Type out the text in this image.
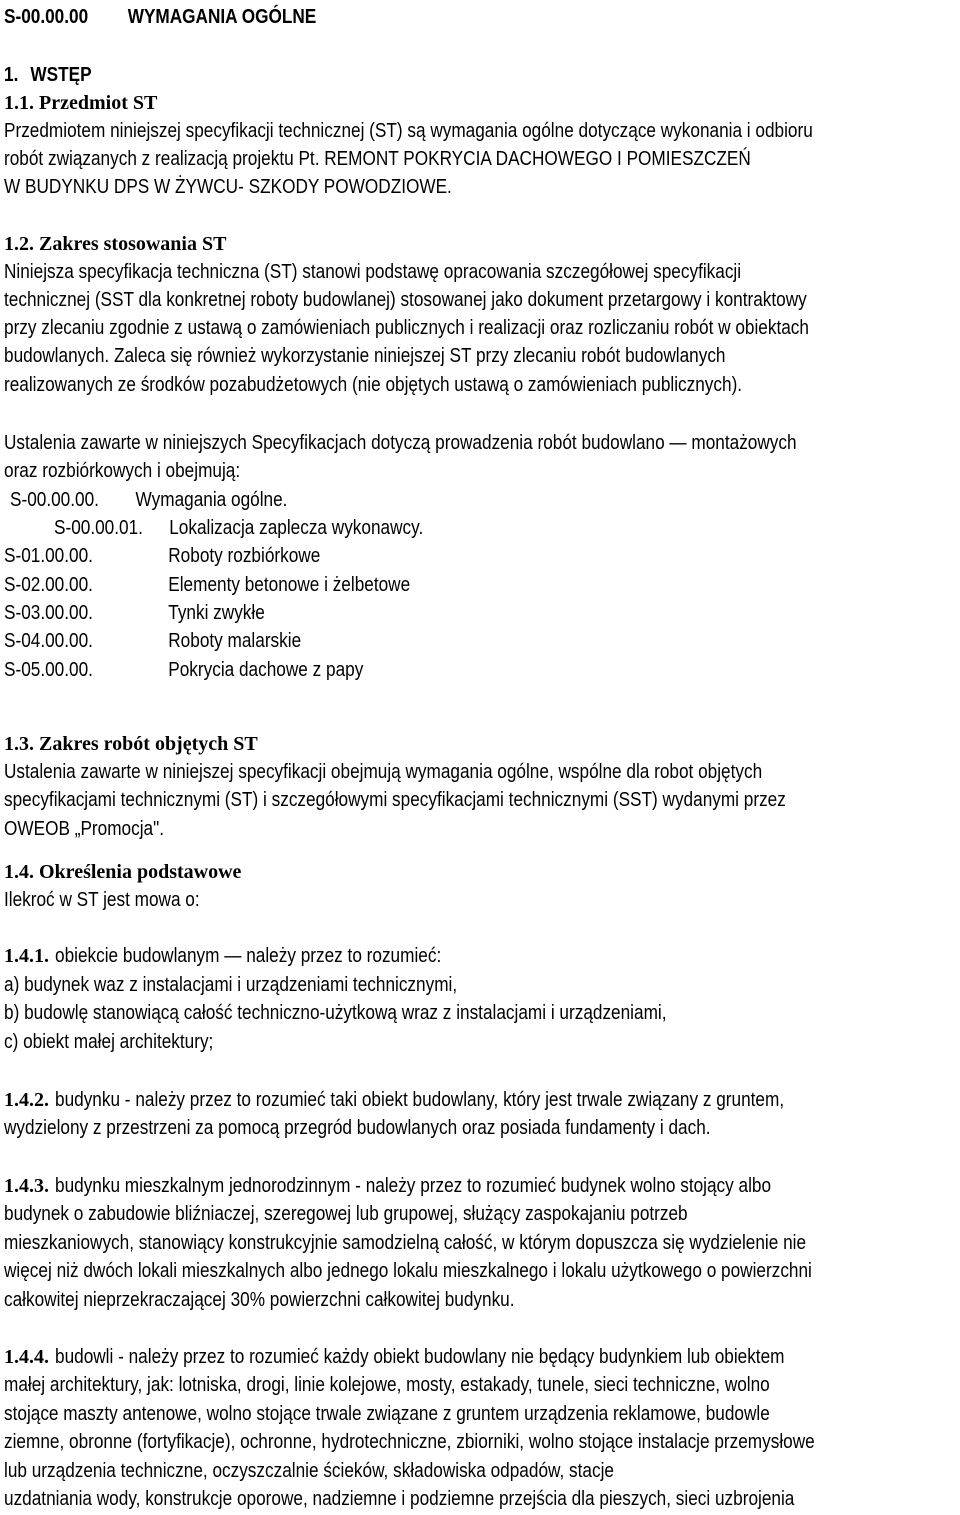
S-00.00.00 WYMAGANIA OGÓLNE
1. WSTĘP
1.1. Przedmiot ST
Przedmiotem niniejszej specyfikacji technicznej (ST) są wymagania ogólne dotyczące wykonania i odbioru
robót związanych z realizacją projektu Pt. REMONT POKRYCIA DACHOWEGO I POMIESZCZEŃ
W BUDYNKU DPS W ŻYWCU- SZKODY POWODZIOWE.
1.2. Zakres stosowania ST
Niniejsza specyfikacja techniczna (ST) stanowi podstawę opracowania szczegółowej specyfikacji
technicznej (SST dla konkretnej roboty budowlanej) stosowanej jako dokument przetargowy i kontraktowy
przy zlecaniu zgodnie z ustawą o zamówieniach publicznych i realizacji oraz rozliczaniu robót w obiektach
budowlanych. Zaleca się również wykorzystanie niniejszej ST przy zlecaniu robót budowlanych
realizowanych ze środków pozabudżetowych (nie objętych ustawą o zamówieniach publicznych).
Ustalenia zawarte w niniejszych Specyfikacjach dotyczą prowadzenia robót budowlano — montażowych
oraz rozbiórkowych i obejmują:
S-00.00.00. Wymagania ogólne.
S-00.00.01. Lokalizacja zaplecza wykonawcy.
S-01.00.00.	Roboty rozbiórkowe
S-02.00.00.	Elementy betonowe i żelbetowe
S-03.00.00.	Tynki zwykłe
S-04.00.00.	Roboty malarskie
S-05.00.00.	Pokrycia dachowe z papy
1.3. Zakres robót objętych ST
Ustalenia zawarte w niniejszej specyfikacji obejmują wymagania ogólne, wspólne dla robot objętych
specyfikacjami technicznymi (ST) i szczegółowymi specyfikacjami technicznymi (SST) wydanymi przez
OWEOB „Promocja".
1.4. Określenia podstawowe
Ilekroć w ST jest mowa o:
1.4.1. obiekcie budowlanym — należy przez to rozumieć:
a) budynek waz z instalacjami i urządzeniami technicznymi,
b) budowlę stanowiącą całość techniczno-użytkową wraz z instalacjami i urządzeniami,
c) obiekt małej architektury;
1.4.2. budynku - należy przez to rozumieć taki obiekt budowlany, który jest trwale związany z gruntem,
wydzielony z przestrzeni za pomocą przegród budowlanych oraz posiada fundamenty i dach.
1.4.3. budynku mieszkalnym jednorodzinnym - należy przez to rozumieć budynek wolno stojący albo
budynek o zabudowie bliźniaczej, szeregowej lub grupowej, służący zaspokajaniu potrzeb
mieszkaniowych, stanowiący konstrukcyjnie samodzielną całość, w którym dopuszcza się wydzielenie nie
więcej niż dwóch lokali mieszkalnych albo jednego lokalu mieszkalnego i lokalu użytkowego o powierzchni
całkowitej nieprzekraczającej 30% powierzchni całkowitej budynku.
1.4.4. budowli - należy przez to rozumieć każdy obiekt budowlany nie będący budynkiem lub obiektem
małej architektury, jak: lotniska, drogi, linie kolejowe, mosty, estakady, tunele, sieci techniczne, wolno
stojące maszty antenowe, wolno stojące trwale związane z gruntem urządzenia reklamowe, budowle
ziemne, obronne (fortyfikacje), ochronne, hydrotechniczne, zbiorniki, wolno stojące instalacje przemysłowe
lub urządzenia techniczne, oczyszczalnie ścieków, składowiska odpadów, stacje
uzdatniania wody, konstrukcje oporowe, nadziemne i podziemne przejścia dla pieszych, sieci uzbrojenia
